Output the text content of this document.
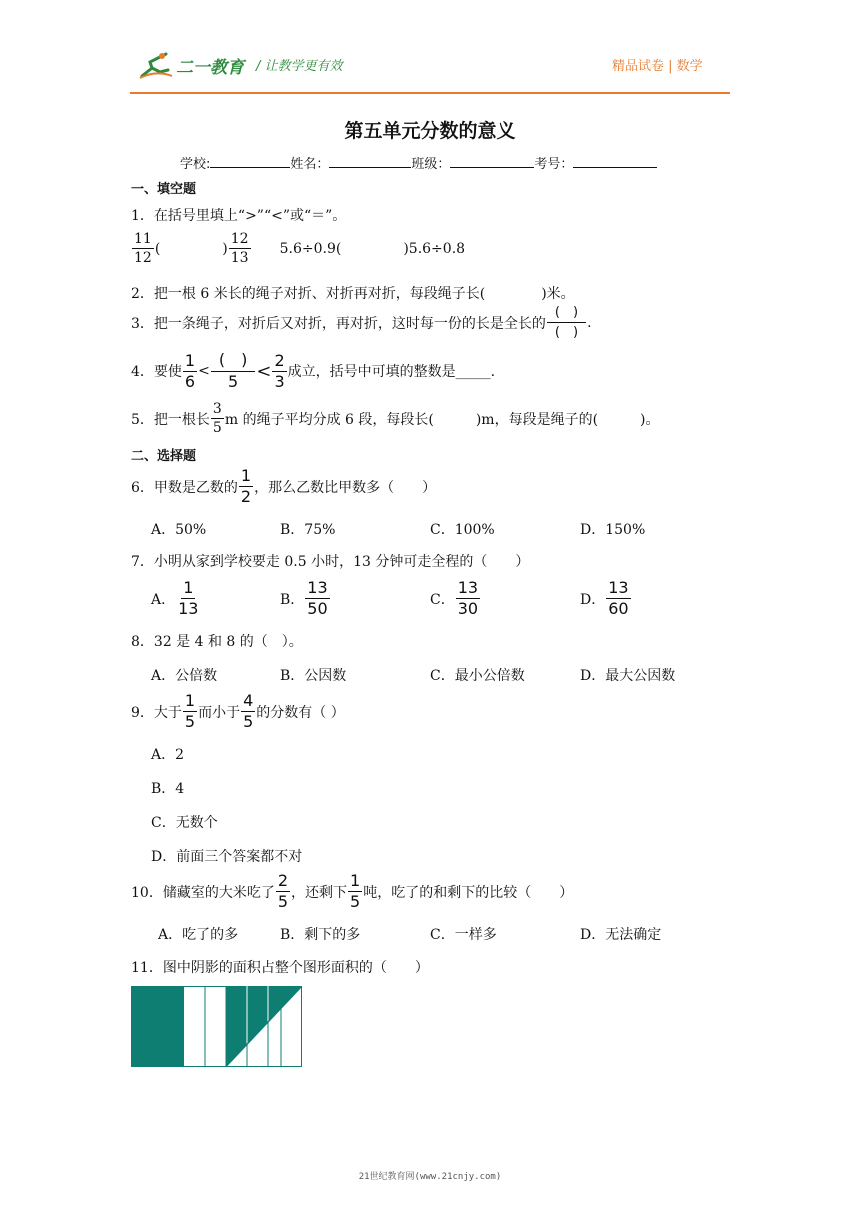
二一教育 / 让教学更有效	精品试卷 | 数学
第五单元分数的意义
学校:	姓名：	班级：	考号：
一、填空题
1．在括号里填上“>”“<”或“＝”。
$\frac{11}{12}$ (	) $\frac{12}{13} 5.6\div 0.9$(	)5.6÷0.8
2．把一根 6 米长的绳子对折、对折再对折，每段绳子长(	)米。
3．把一条绳子，对折后又对折，再对折，这时每一份的长是全长的 $\frac{( )}{( )}$ .
4．要使 $\frac{1}{6} < \frac{( )}{5} < \frac{2}{3}$ 成立，括号中可填的整数是_____.
5．把一根长 $\frac{3}{5}$ m 的绳子平均分成 6 段，每段长(	)m，每段是绳子的(	)。
二、选择题
6．甲数是乙数的 $\frac{1}{2}$ ，那么乙数比甲数多（　　）
A．50%	B．75%	C．100%	D．150%
7．小明从家到学校要走 0.5 小时，13 分钟可走全程的（　　）
A． $\frac{1}{13}$	B． $\frac{13}{50}$	C． $\frac{13}{30}$	D． $\frac{13}{60}$
8．32 是 4 和 8 的（　）。
A．公倍数	B．公因数	C．最小公倍数	D．最大公因数
9．大于 $\frac{1}{5}$ 而小于 $\frac{4}{5}$ 的分数有（ ）
A．2
B．4
C．无数个
D．前面三个答案都不对
10．储藏室的大米吃了 $\frac{2}{5}$ ，还剩下 $\frac{1}{5}$ 吨，吃了的和剩下的比较（　　）
A．吃了的多	B．剩下的多	C．一样多	D．无法确定
11．图中阴影的面积占整个图形面积的（　　）
21世纪教育网(www.21cnjy.com)
